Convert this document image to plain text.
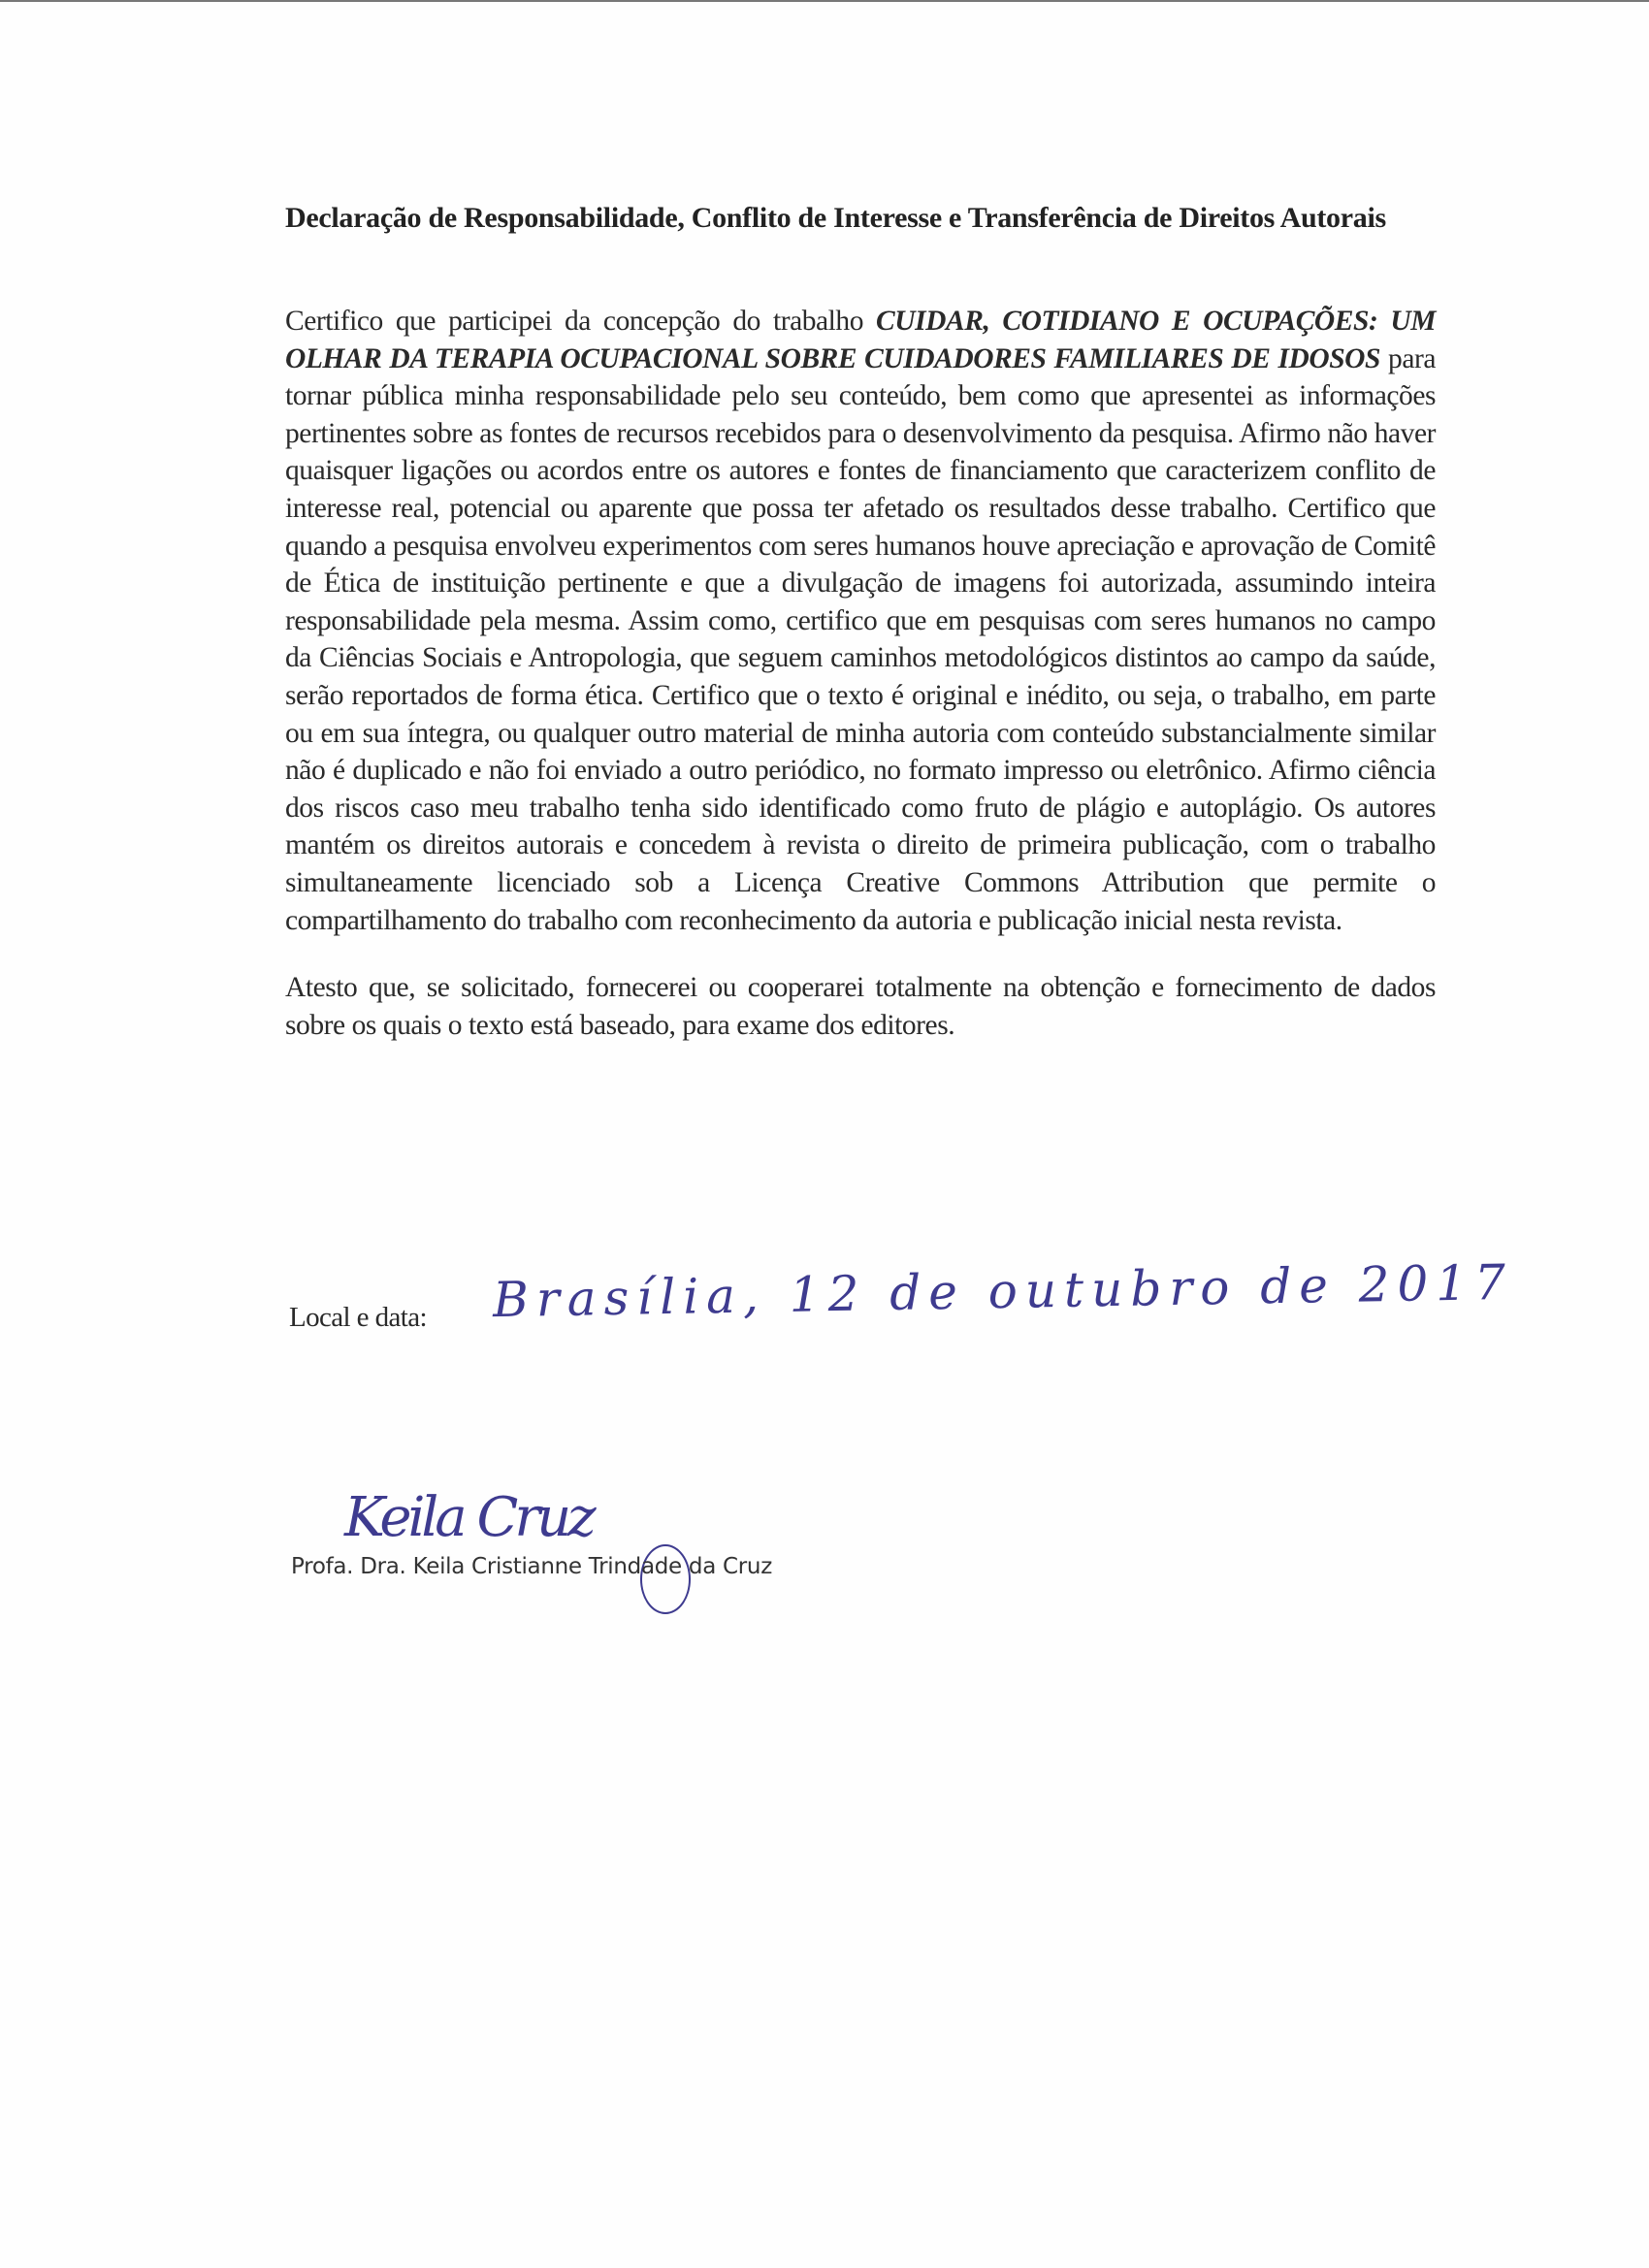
Declaração de Responsabilidade, Conflito de Interesse e Transferência de Direitos Autorais

Certifico que participei da concepção do trabalho CUIDAR, COTIDIANO E OCUPAÇÕES: UM OLHAR DA TERAPIA OCUPACIONAL SOBRE CUIDADORES FAMILIARES DE IDOSOS para tornar pública minha responsabilidade pelo seu conteúdo, bem como que apresentei as informações pertinentes sobre as fontes de recursos recebidos para o desenvolvimento da pesquisa. Afirmo não haver quaisquer ligações ou acordos entre os autores e fontes de financiamento que caracterizem conflito de interesse real, potencial ou aparente que possa ter afetado os resultados desse trabalho. Certifico que quando a pesquisa envolveu experimentos com seres humanos houve apreciação e aprovação de Comitê de Ética de instituição pertinente e que a divulgação de imagens foi autorizada, assumindo inteira responsabilidade pela mesma. Assim como, certifico que em pesquisas com seres humanos no campo da Ciências Sociais e Antropologia, que seguem caminhos metodológicos distintos ao campo da saúde, serão reportados de forma ética. Certifico que o texto é original e inédito, ou seja, o trabalho, em parte ou em sua íntegra, ou qualquer outro material de minha autoria com conteúdo substancialmente similar não é duplicado e não foi enviado a outro periódico, no formato impresso ou eletrônico. Afirmo ciência dos riscos caso meu trabalho tenha sido identificado como fruto de plágio e autoplágio. Os autores mantém os direitos autorais e concedem à revista o direito de primeira publicação, com o trabalho simultaneamente licenciado sob a Licença Creative Commons Attribution que permite o compartilhamento do trabalho com reconhecimento da autoria e publicação inicial nesta revista.

Atesto que, se solicitado, fornecerei ou cooperarei totalmente na obtenção e fornecimento de dados sobre os quais o texto está baseado, para exame dos editores.

Local e data: Brasília, 12 de outubro de 2017
Keila Cruz
Profa. Dra. Keila Cristianne Trindade da Cruz
